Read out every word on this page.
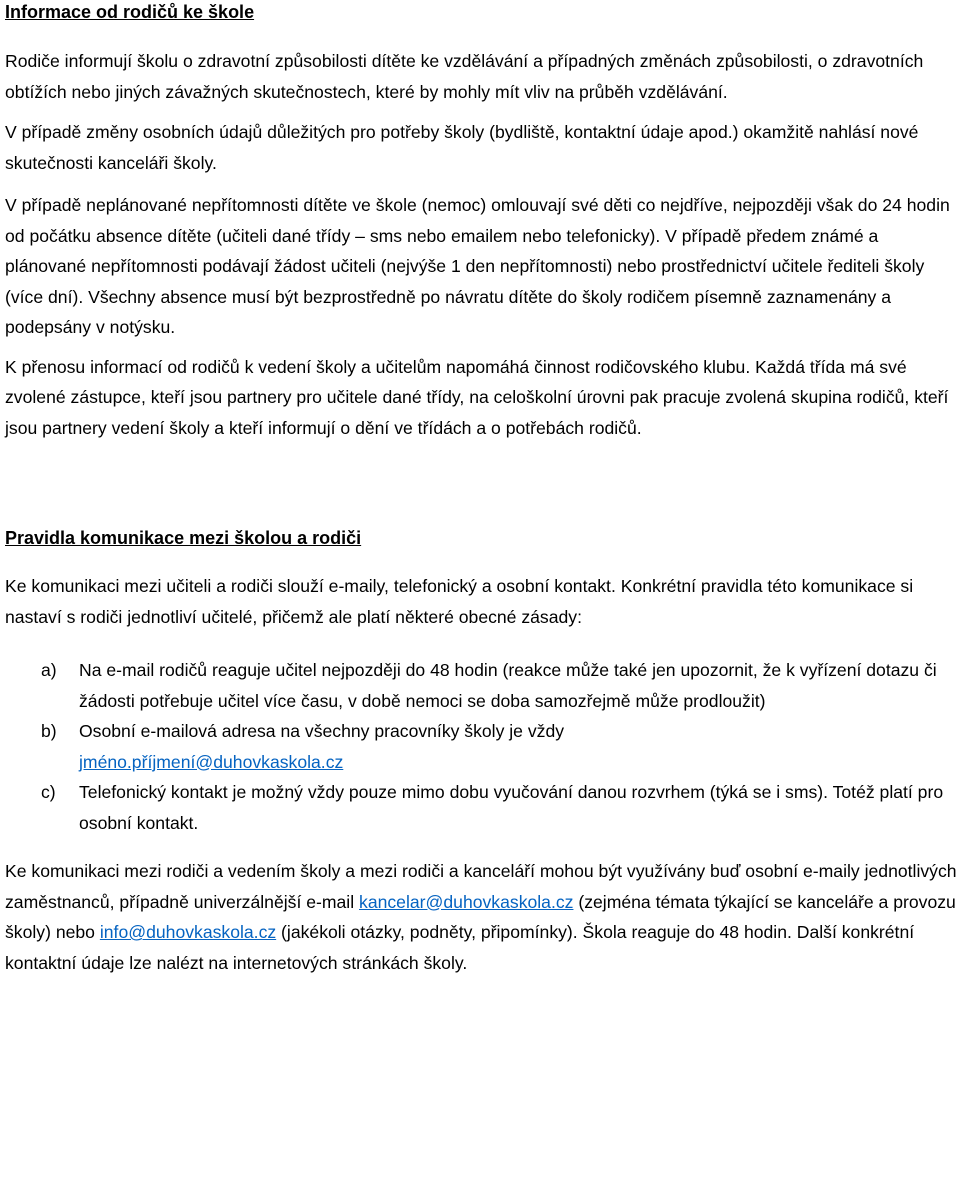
Informace od rodičů ke škole

Rodiče informují školu o zdravotní způsobilosti dítěte ke vzdělávání a případných změnách způsobilosti, o zdravotních obtížích nebo jiných závažných skutečnostech, které by mohly mít vliv na průběh vzdělávání.

V případě změny osobních údajů důležitých pro potřeby školy (bydliště, kontaktní údaje apod.) okamžitě nahlásí nové skutečnosti kanceláři školy.

V případě neplánované nepřítomnosti dítěte ve škole (nemoc) omlouvají své děti co nejdříve, nejpozději však do 24 hodin od počátku absence dítěte (učiteli dané třídy – sms nebo emailem nebo telefonicky). V případě předem známé a plánované nepřítomnosti podávají žádost učiteli (nejvýše 1 den nepřítomnosti) nebo prostřednictví učitele řediteli školy (více dní). Všechny absence musí být bezprostředně po návratu dítěte do školy rodičem písemně zaznamenány a podepsány v notýsku.

K přenosu informací od rodičů k vedení školy a učitelům napomáhá činnost rodičovského klubu. Každá třída má své zvolené zástupce, kteří jsou partnery pro učitele dané třídy, na celoškolní úrovni pak pracuje zvolená skupina rodičů, kteří jsou partnery vedení školy a kteří informují o dění ve třídách a o potřebách rodičů.

Pravidla komunikace mezi školou a rodiči

Ke komunikaci mezi učiteli a rodiči slouží e-maily, telefonický a osobní kontakt. Konkrétní pravidla této komunikace si nastaví s rodiči jednotliví učitelé, přičemž ale platí některé obecné zásady:

a) Na e-mail rodičů reaguje učitel nejpozději do 48 hodin (reakce může také jen upozornit, že k vyřízení dotazu či žádosti potřebuje učitel více času, v době nemoci se doba samozřejmě může prodloužit)
b) Osobní e-mailová adresa na všechny pracovníky školy je vždy
jméno.příjmení@duhovkaskola.cz
c) Telefonický kontakt je možný vždy pouze mimo dobu vyučování danou rozvrhem (týká se i sms). Totéž platí pro osobní kontakt.

Ke komunikaci mezi rodiči a vedením školy a mezi rodiči a kanceláří mohou být využívány buď osobní e-maily jednotlivých zaměstnanců, případně univerzálnější e-mail kancelar@duhovkaskola.cz (zejména témata týkající se kanceláře a provozu školy) nebo info@duhovkaskola.cz (jakékoli otázky, podněty, připomínky). Škola reaguje do 48 hodin. Další konkrétní kontaktní údaje lze nalézt na internetových stránkách školy.
